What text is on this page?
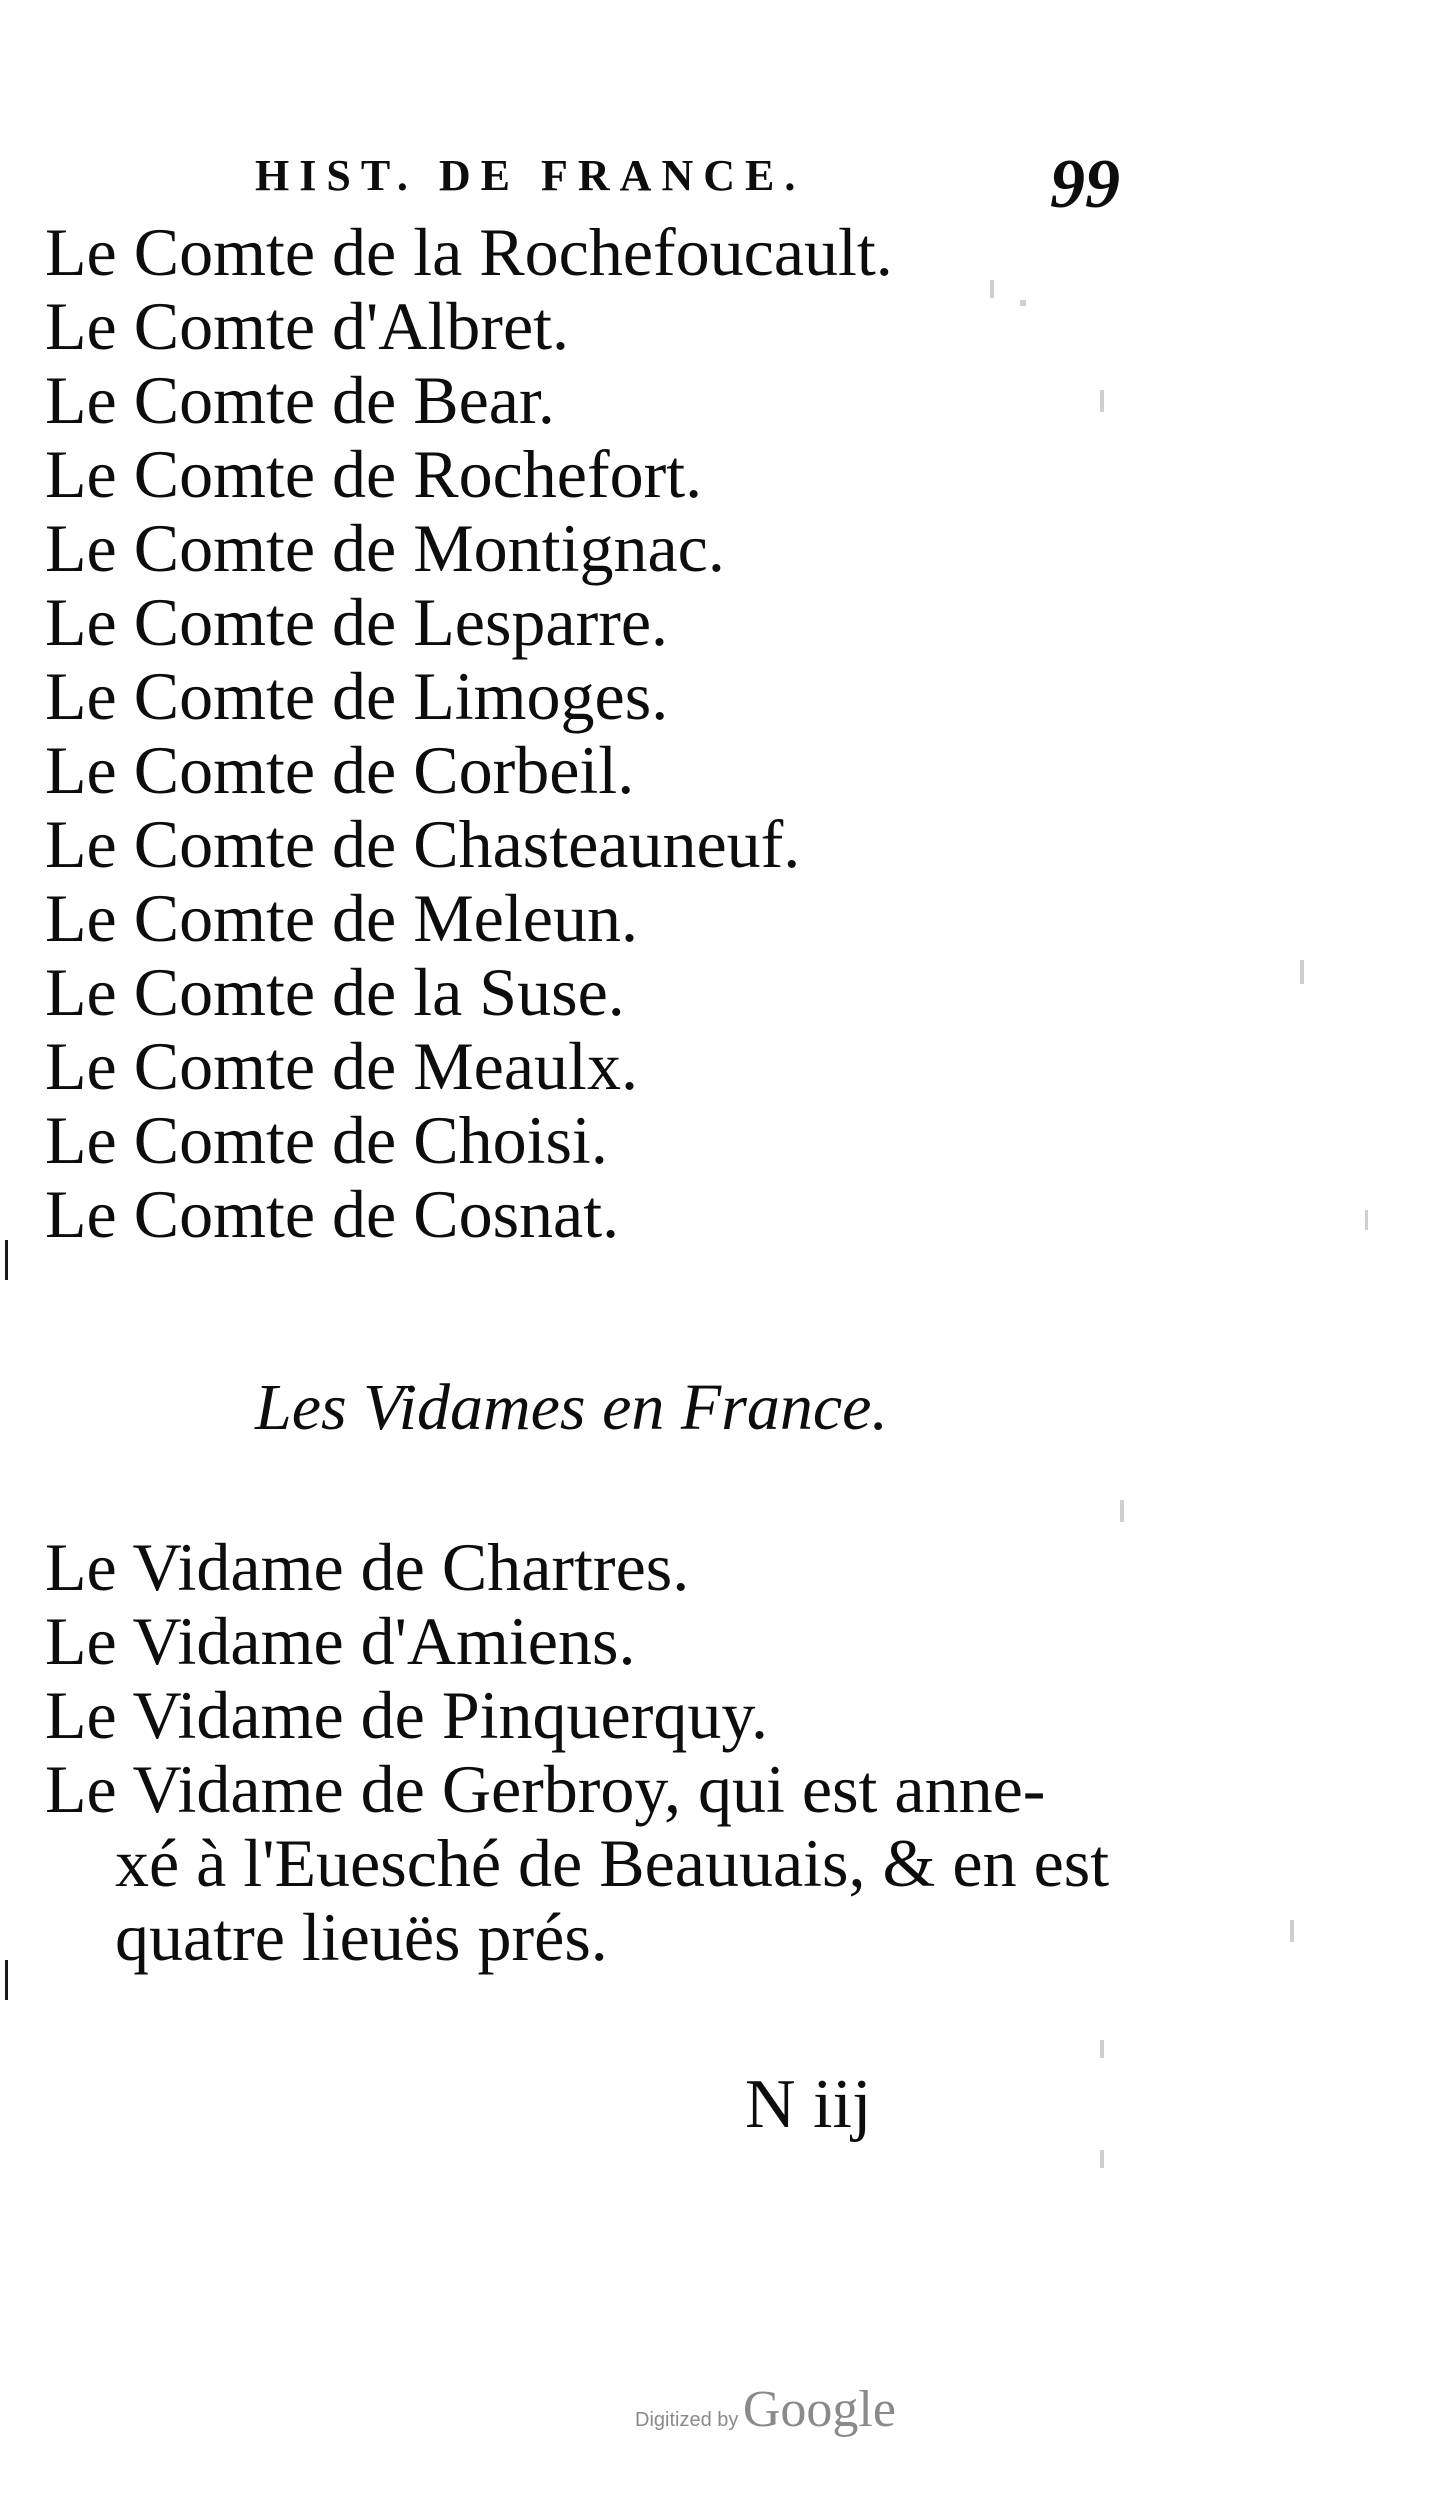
HIST. DE FRANCE.	99
Le Comte de la Rochefoucault.
Le Comte d'Albret.
Le Comte de Bear.
Le Comte de Rochefort.
Le Comte de Montignac.
Le Comte de Lesparre.
Le Comte de Limoges.
Le Comte de Corbeil.
Le Comte de Chasteauneuf.
Le Comte de Meleun.
Le Comte de la Suse.
Le Comte de Meaulx.
Le Comte de Choisi.
Le Comte de Cosnat.
Les Vidames en France.
Le Vidame de Chartres.
Le Vidame d'Amiens.
Le Vidame de Pinquerquy.
Le Vidame de Gerbroy, qui est anne-
xé à l'Euesché de Beauuais, & en est
quatre lieuës prés.
N iij
Digitized by Google
